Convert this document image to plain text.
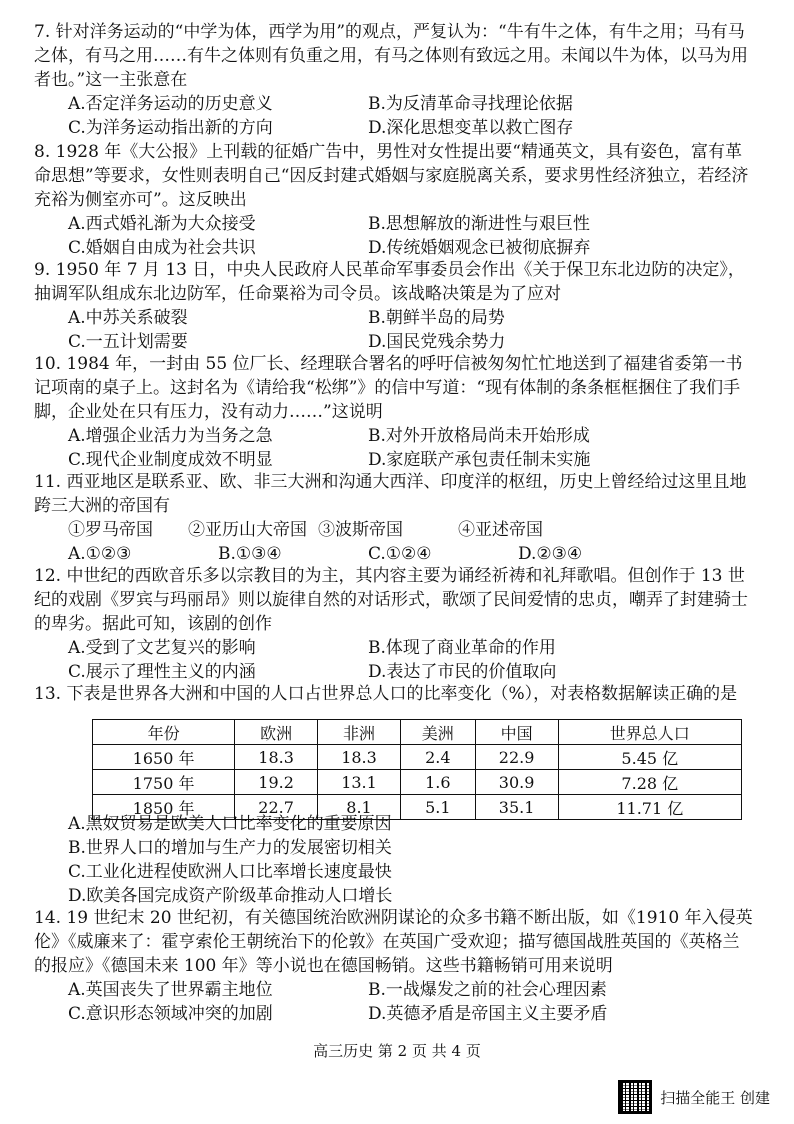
7. 针对洋务运动的“中学为体，西学为用”的观点，严复认为：“牛有牛之体，有牛之用；马有马之体，有马之用……有牛之体则有负重之用，有马之体则有致远之用。未闻以牛为体，以马为用者也。”这一主张意在
A.否定洋务运动的历史意义	B.为反清革命寻找理论依据
C.为洋务运动指出新的方向	D.深化思想变革以救亡图存
8. 1928 年《大公报》上刊载的征婚广告中，男性对女性提出要“精通英文，具有姿色，富有革命思想”等要求，女性则表明自己“因反封建式婚姻与家庭脱离关系，要求男性经济独立，若经济充裕为侧室亦可”。这反映出
A.西式婚礼渐为大众接受	B.思想解放的渐进性与艰巨性
C.婚姻自由成为社会共识	D.传统婚姻观念已被彻底摒弃
9. 1950 年 7 月 13 日，中央人民政府人民革命军事委员会作出《关于保卫东北边防的决定》，抽调军队组成东北边防军，任命粟裕为司令员。该战略决策是为了应对
A.中苏关系破裂	B.朝鲜半岛的局势
C.一五计划需要	D.国民党残余势力
10. 1984 年，一封由 55 位厂长、经理联合署名的呼吁信被匆匆忙忙地送到了福建省委第一书记项南的桌子上。这封名为《请给我“松绑”》的信中写道：“现有体制的条条框框捆住了我们手脚，企业处在只有压力，没有动力……”这说明
A.增强企业活力为当务之急	B.对外开放格局尚未开始形成
C.现代企业制度成效不明显	D.家庭联产承包责任制未实施
11. 西亚地区是联系亚、欧、非三大洲和沟通大西洋、印度洋的枢纽，历史上曾经给过这里且地跨三大洲的帝国有
①罗马帝国	②亚历山大帝国 ③波斯帝国	④亚述帝国
A.①②③	B.①③④	C.①②④	D.②③④
12. 中世纪的西欧音乐多以宗教目的为主，其内容主要为诵经祈祷和礼拜歌唱。但创作于 13 世纪的戏剧《罗宾与玛丽昂》则以旋律自然的对话形式，歌颂了民间爱情的忠贞，嘲弄了封建骑士的卑劣。据此可知，该剧的创作
A.受到了文艺复兴的影响	B.体现了商业革命的作用
C.展示了理性主义的内涵	D.表达了市民的价值取向
13. 下表是世界各大洲和中国的人口占世界总人口的比率变化（%），对表格数据解读正确的是
年份	欧洲	非洲	美洲	中国	世界总人口
1650 年	18.3	18.3	2.4	22.9	5.45 亿
1750 年	19.2	13.1	1.6	30.9	7.28 亿
1850 年	22.7	8.1	5.1	35.1	11.71 亿
A.黑奴贸易是欧美人口比率变化的重要原因
B.世界人口的增加与生产力的发展密切相关
C.工业化进程使欧洲人口比率增长速度最快
D.欧美各国完成资产阶级革命推动人口增长
14. 19 世纪末 20 世纪初，有关德国统治欧洲阴谋论的众多书籍不断出版，如《1910 年入侵英伦》《威廉来了：霍亨索伦王朝统治下的伦敦》在英国广受欢迎；描写德国战胜英国的《英格兰的报应》《德国未来 100 年》等小说也在德国畅销。这些书籍畅销可用来说明
A.英国丧失了世界霸主地位	B.一战爆发之前的社会心理因素
C.意识形态领域冲突的加剧	D.英德矛盾是帝国主义主要矛盾
高三历史 第 2 页 共 4 页
扫描全能王 创建
